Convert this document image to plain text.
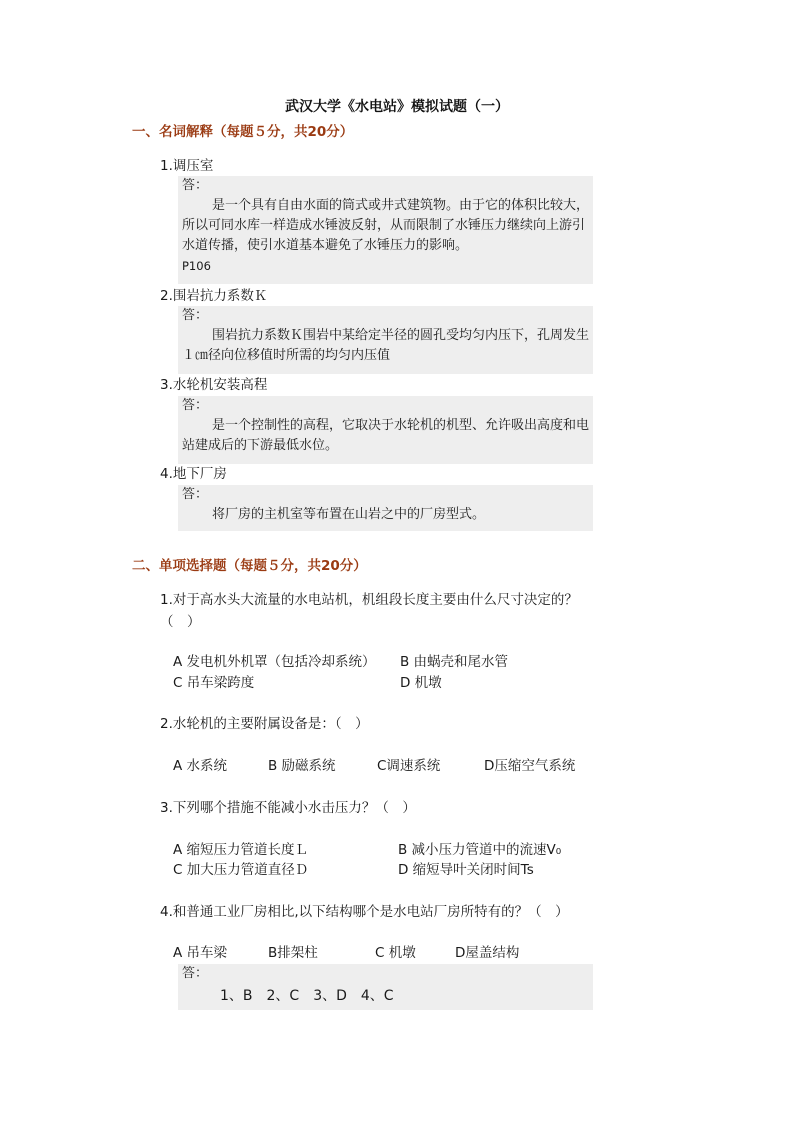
武汉大学《水电站》模拟试题（一）
一、名词解释（每题５分，共20分）
1.调压室
答：
是一个具有自由水面的筒式或井式建筑物。由于它的体积比较大，所以可同水库一样造成水锤波反射，从而限制了水锤压力继续向上游引水道传播，使引水道基本避免了水锤压力的影响。
P106
2.围岩抗力系数Ｋ
答：
围岩抗力系数Ｋ围岩中某给定半径的圆孔受均匀内压下，孔周发生１㎝径向位移值时所需的均匀内压值
3.水轮机安装高程
答：
是一个控制性的高程，它取决于水轮机的机型、允许吸出高度和电站建成后的下游最低水位。
4.地下厂房
答：
将厂房的主机室等布置在山岩之中的厂房型式。
二、单项选择题（每题５分，共20分）
1.对于高水头大流量的水电站机，机组段长度主要由什么尺寸决定的？（　）
A 发电机外机罩（包括冷却系统） B 由蜗壳和尾水管
C 吊车梁跨度	D 机墩
2.水轮机的主要附属设备是：（　）
A 水系统	B 励磁系统	C调速系统	D压缩空气系统
3.下列哪个措施不能减小水击压力？（　）
A 缩短压力管道长度Ｌ	B 减小压力管道中的流速V₀
C 加大压力管道直径Ｄ	D 缩短导叶关闭时间Ts
4.和普通工业厂房相比,以下结构哪个是水电站厂房所特有的？（　）
A 吊车梁	B排架柱	C 机墩	D屋盖结构
答：
1、B　2、C　3、D　4、C
